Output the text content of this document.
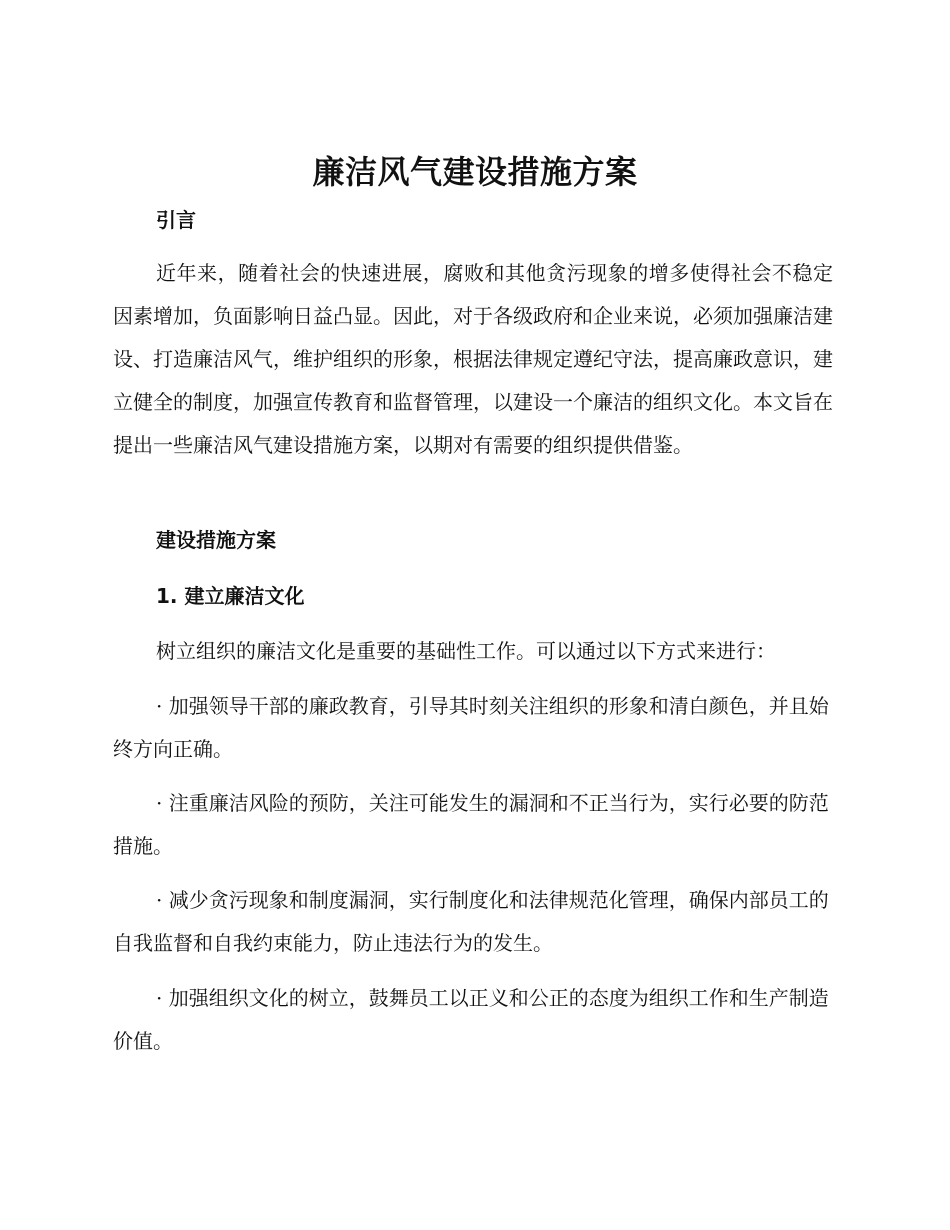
廉洁风气建设措施方案
引言

近年来，随着社会的快速进展，腐败和其他贪污现象的增多使得社会不稳定因素增加，负面影响日益凸显。因此，对于各级政府和企业来说，必须加强廉洁建设、打造廉洁风气，维护组织的形象，根据法律规定遵纪守法，提高廉政意识，建立健全的制度，加强宣传教育和监督管理，以建设一个廉洁的组织文化。本文旨在提出一些廉洁风气建设措施方案，以期对有需要的组织提供借鉴。

建设措施方案
1. 建立廉洁文化

树立组织的廉洁文化是重要的基础性工作。可以通过以下方式来进行：

· 加强领导干部的廉政教育，引导其时刻关注组织的形象和清白颜色，并且始终方向正确。

· 注重廉洁风险的预防，关注可能发生的漏洞和不正当行为，实行必要的防范措施。

· 减少贪污现象和制度漏洞，实行制度化和法律规范化管理，确保内部员工的自我监督和自我约束能力，防止违法行为的发生。

· 加强组织文化的树立，鼓舞员工以正义和公正的态度为组织工作和生产制造价值。
